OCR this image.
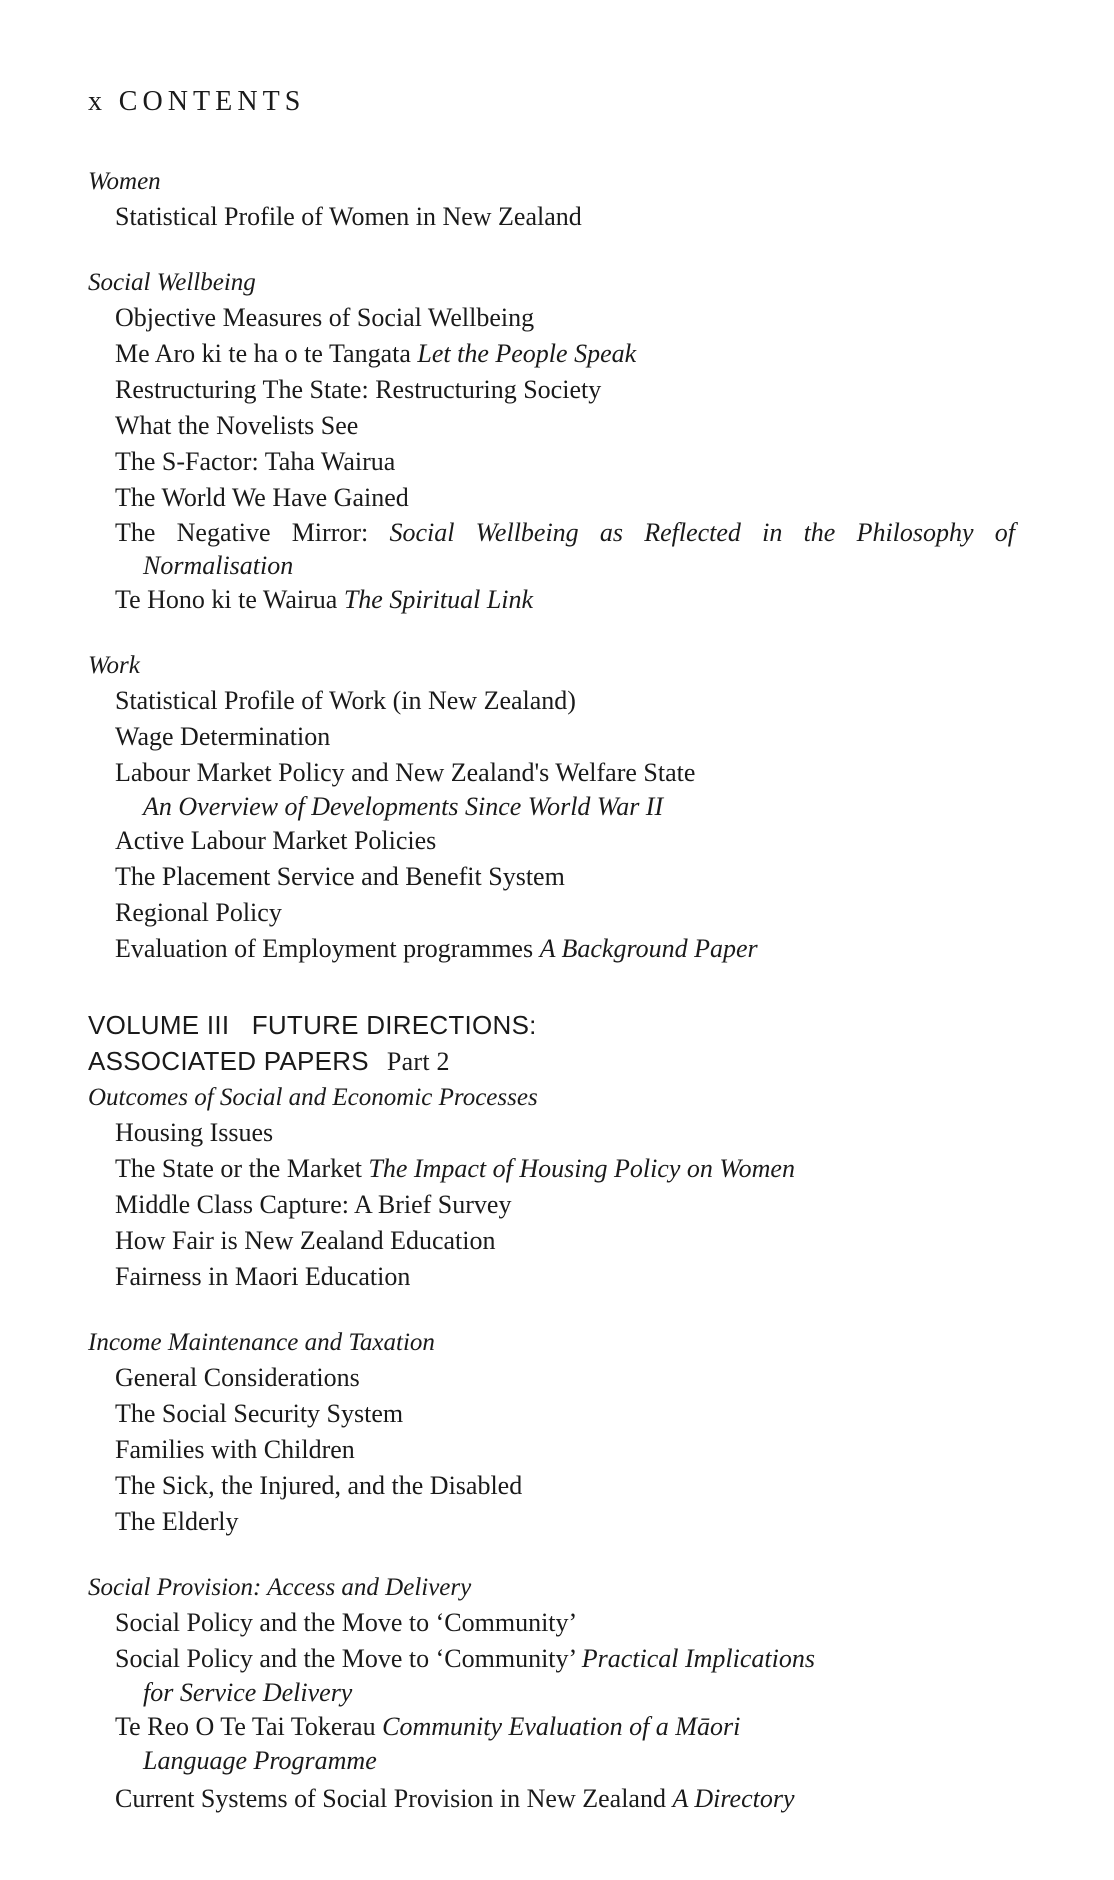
x CONTENTS
Women
Statistical Profile of Women in New Zealand
Social Wellbeing
Objective Measures of Social Wellbeing
Me Aro ki te ha o te Tangata Let the People Speak
Restructuring The State: Restructuring Society
What the Novelists See
The S-Factor: Taha Wairua
The World We Have Gained
The Negative Mirror: Social Wellbeing as Reflected in the Philosophy of
Normalisation
Te Hono ki te Wairua The Spiritual Link
Work
Statistical Profile of Work (in New Zealand)
Wage Determination
Labour Market Policy and New Zealand's Welfare State
An Overview of Developments Since World War II
Active Labour Market Policies
The Placement Service and Benefit System
Regional Policy
Evaluation of Employment programmes A Background Paper
VOLUME III   FUTURE DIRECTIONS:
ASSOCIATED PAPERS Part 2
Outcomes of Social and Economic Processes
Housing Issues
The State or the Market The Impact of Housing Policy on Women
Middle Class Capture: A Brief Survey
How Fair is New Zealand Education
Fairness in Maori Education
Income Maintenance and Taxation
General Considerations
The Social Security System
Families with Children
The Sick, the Injured, and the Disabled
The Elderly
Social Provision: Access and Delivery
Social Policy and the Move to ‘Community’
Social Policy and the Move to ‘Community’ Practical Implications
for Service Delivery
Te Reo O Te Tai Tokerau Community Evaluation of a Māori
Language Programme
Current Systems of Social Provision in New Zealand A Directory
